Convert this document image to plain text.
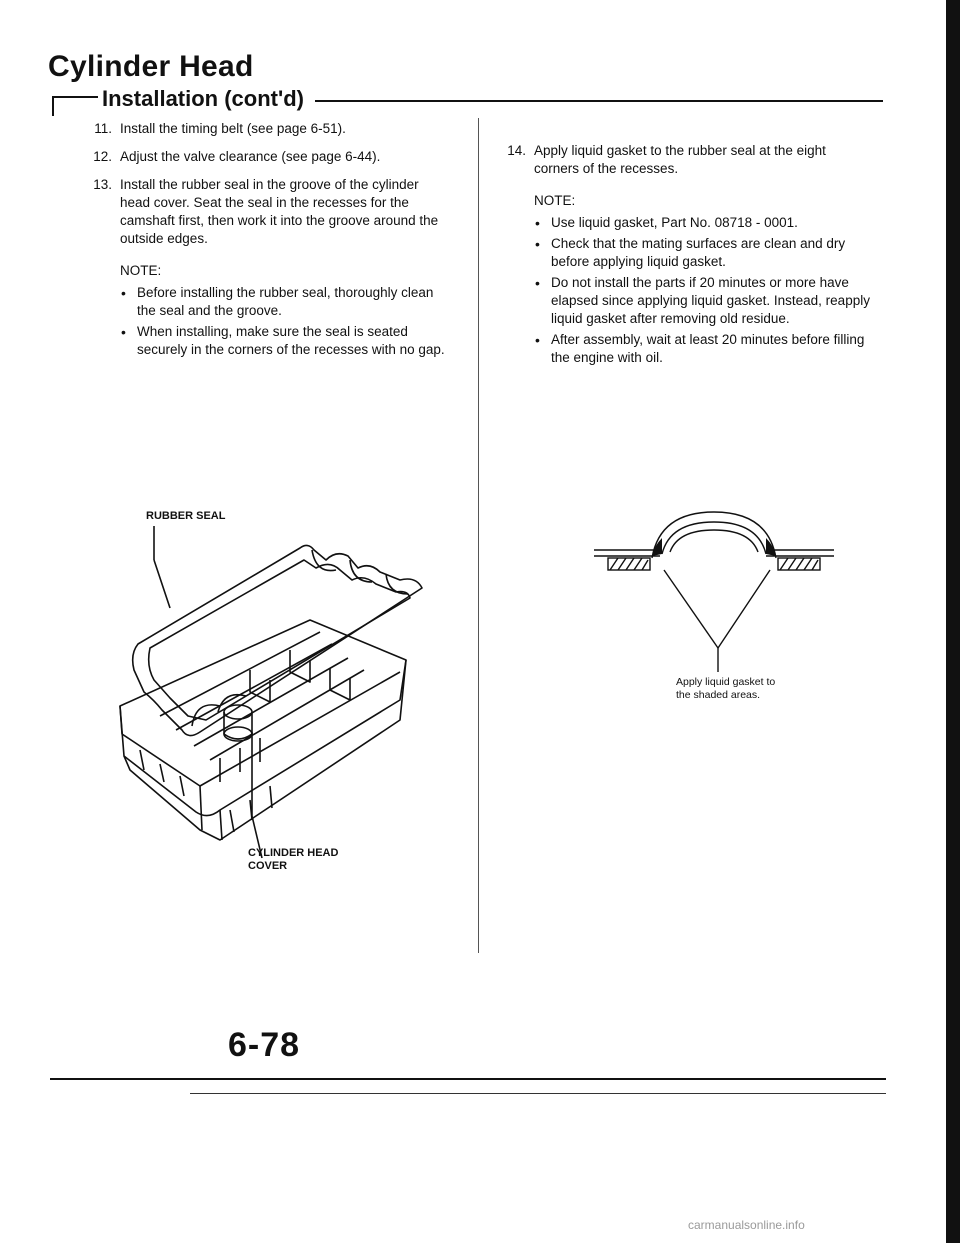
Cylinder Head
Installation (cont'd)
11. Install the timing belt (see page 6-51).
12. Adjust the valve clearance (see page 6-44).
13. Install the rubber seal in the groove of the cylinder head cover. Seat the seal in the recesses for the camshaft first, then work it into the groove around the outside edges.
NOTE:
• Before installing the rubber seal, thoroughly clean the seal and the groove.
• When installing, make sure the seal is seated securely in the corners of the recesses with no gap.
14. Apply liquid gasket to the rubber seal at the eight corners of the recesses.
NOTE:
• Use liquid gasket, Part No. 08718 - 0001.
• Check that the mating surfaces are clean and dry before applying liquid gasket.
• Do not install the parts if 20 minutes or more have elapsed since applying liquid gasket. Instead, reapply liquid gasket after removing old residue.
• After assembly, wait at least 20 minutes before filling the engine with oil.
RUBBER SEAL
CYLINDER HEAD
COVER
Apply liquid gasket to
the shaded areas.
6-78
carmanualsonline.info
